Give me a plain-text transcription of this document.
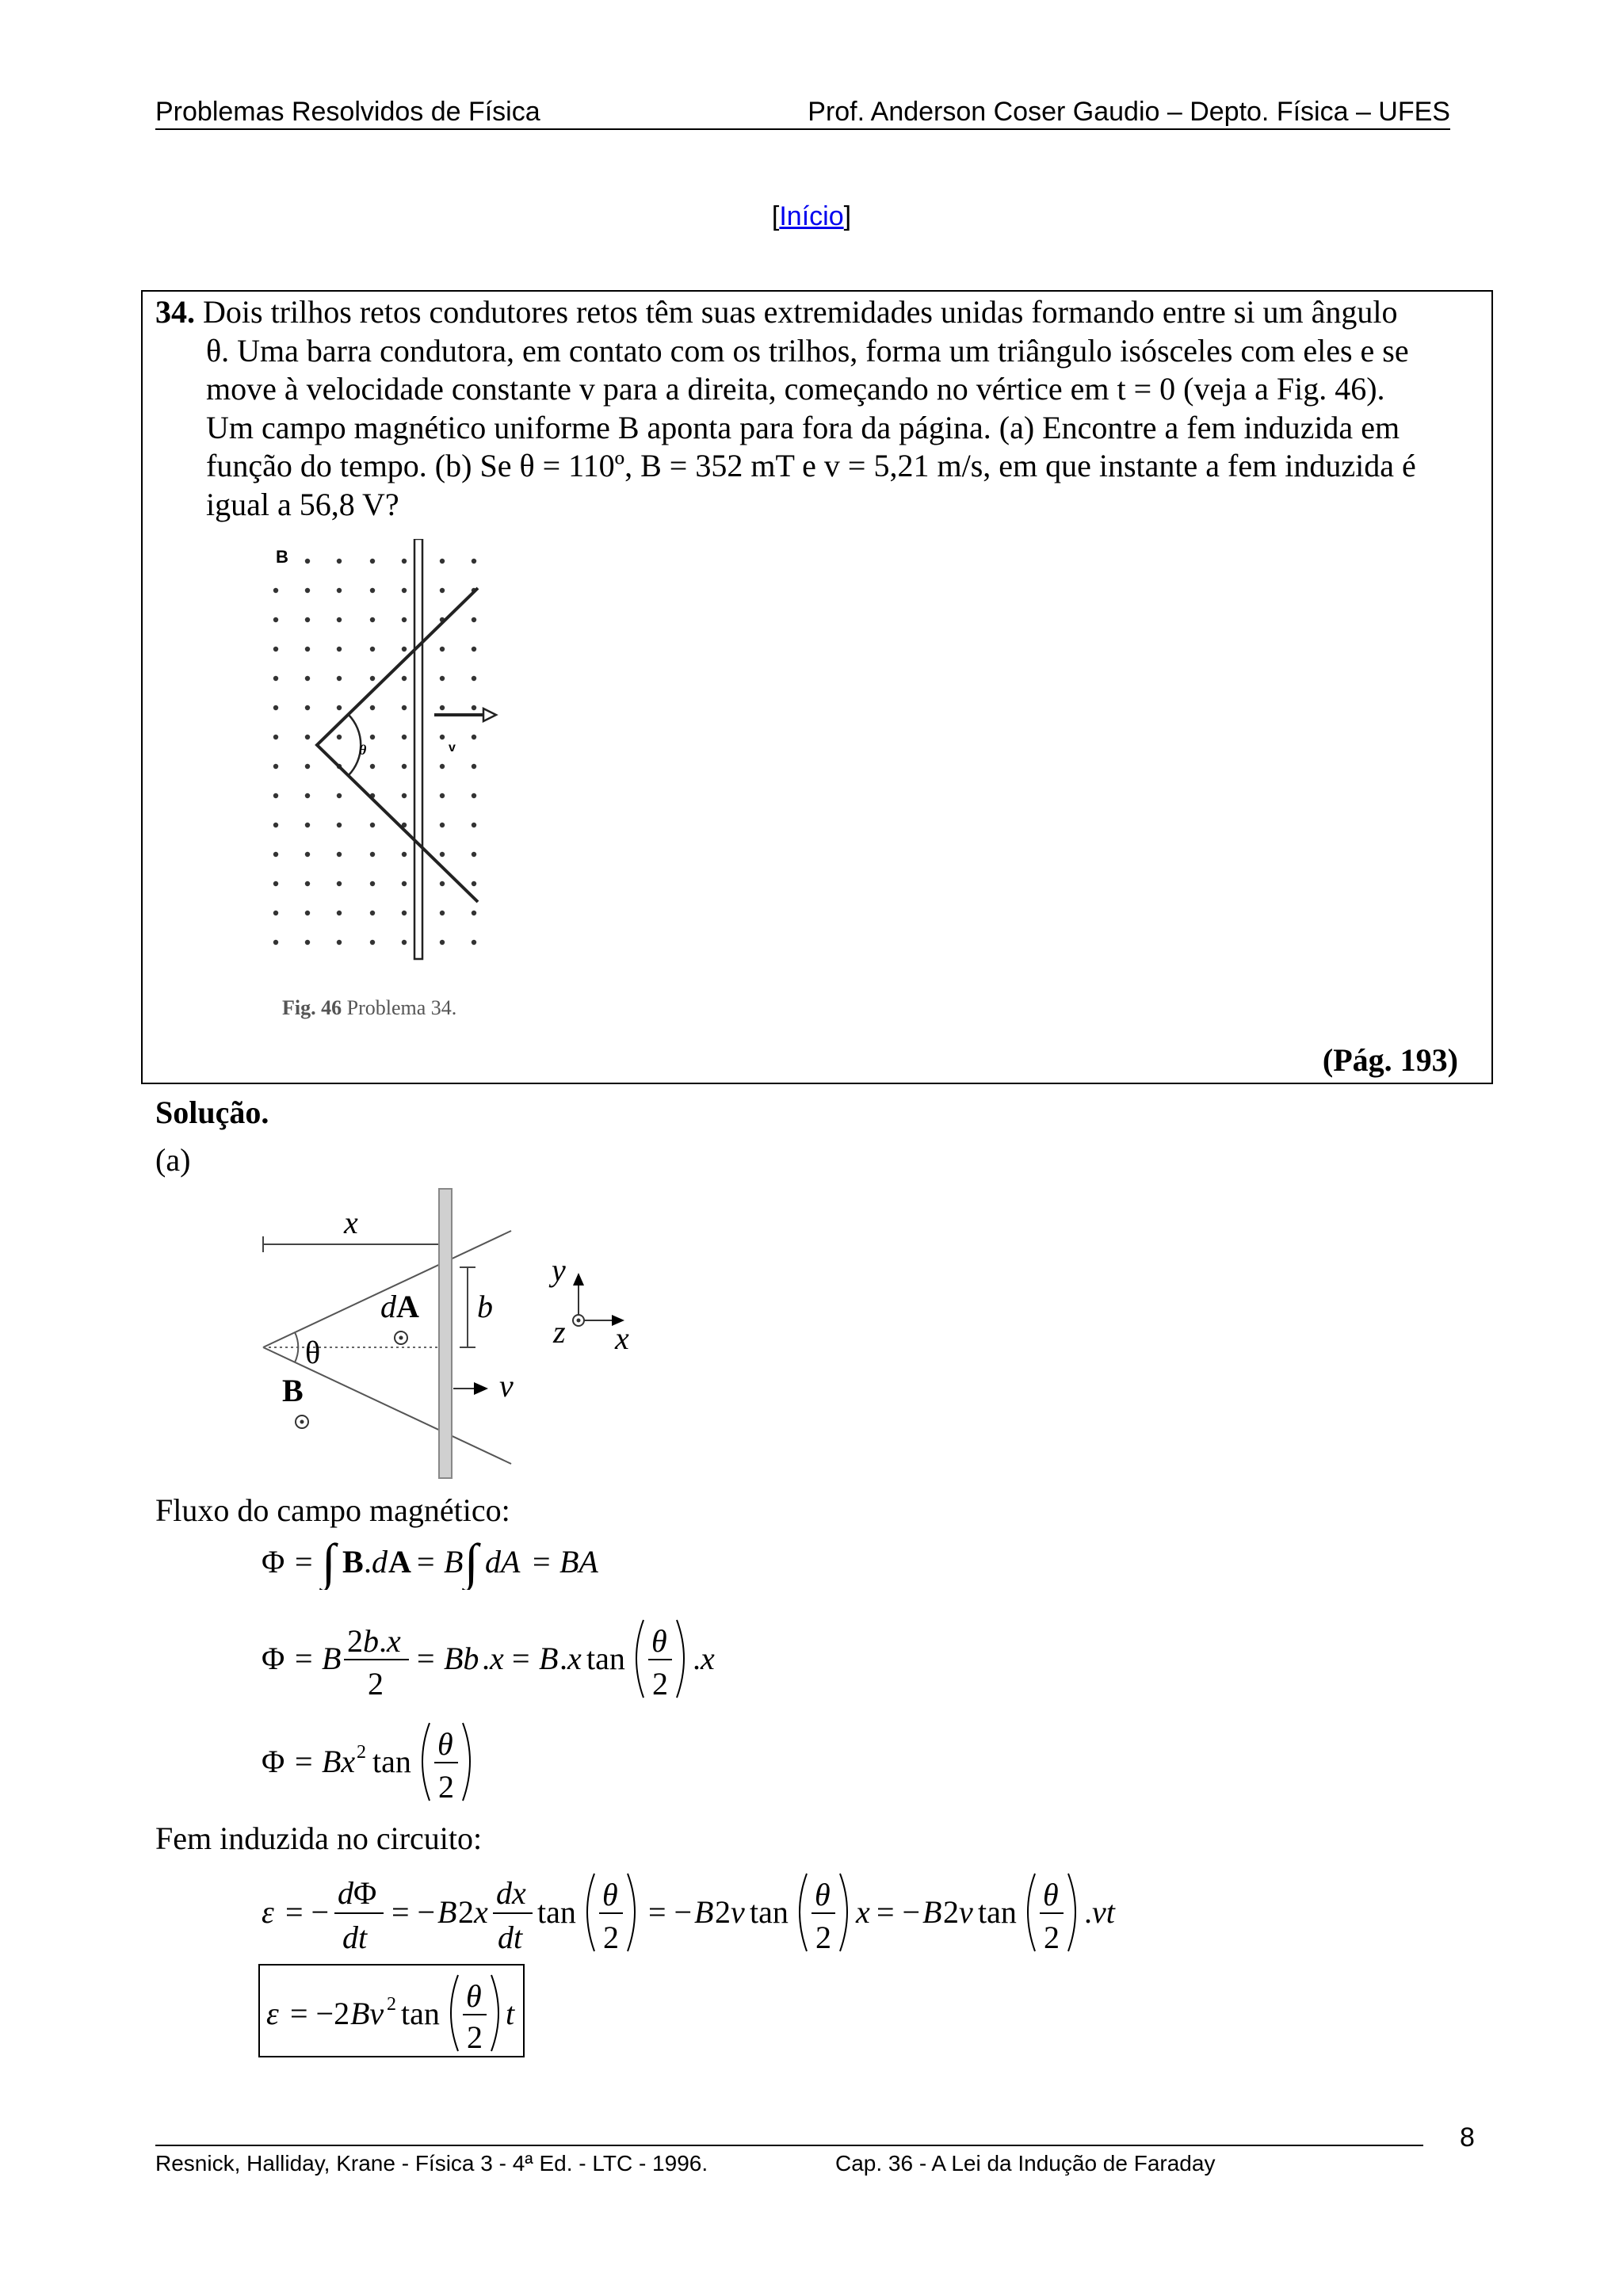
Problemas Resolvidos de Física	Prof. Anderson Coser Gaudio – Depto. Física – UFES
[Início]
34. Dois trilhos retos condutores retos têm suas extremidades unidas formando entre si um ângulo
θ. Uma barra condutora, em contato com os trilhos, forma um triângulo isósceles com eles e se
move à velocidade constante v para a direita, começando no vértice em t = 0 (veja a Fig. 46).
Um campo magnético uniforme B aponta para fora da página. (a) Encontre a fem induzida em
função do tempo. (b) Se θ = 110º, B = 352 mT e v = 5,21 m/s, em que instante a fem induzida é
igual a 56,8 V?
B
θ	v
Fig. 46 Problema 34.
(Pág. 193)
Solução.
(a)
x
θ
b
dA
B	v
y
z x
Fluxo do campo magnético:
Φ = ∫ B . d A = B ∫ dA = BA
Φ = B 2b.x
2
= Bb . x = B . x tan θ
2
. x
Φ = Bx 2 tan θ
2
Fem induzida no circuito:
ε = −
dΦ
dt
= − B 2 x
dx
dt
tan θ
2
= − B 2 v tan θ
2
x = − B 2 v tan θ
2
. vt
ε = −2 Bv 2 tan θ
2
t
Resnick, Halliday, Krane - Física 3 - 4ª Ed. - LTC - 1996.	Cap. 36 - A Lei da Indução de Faraday
8
